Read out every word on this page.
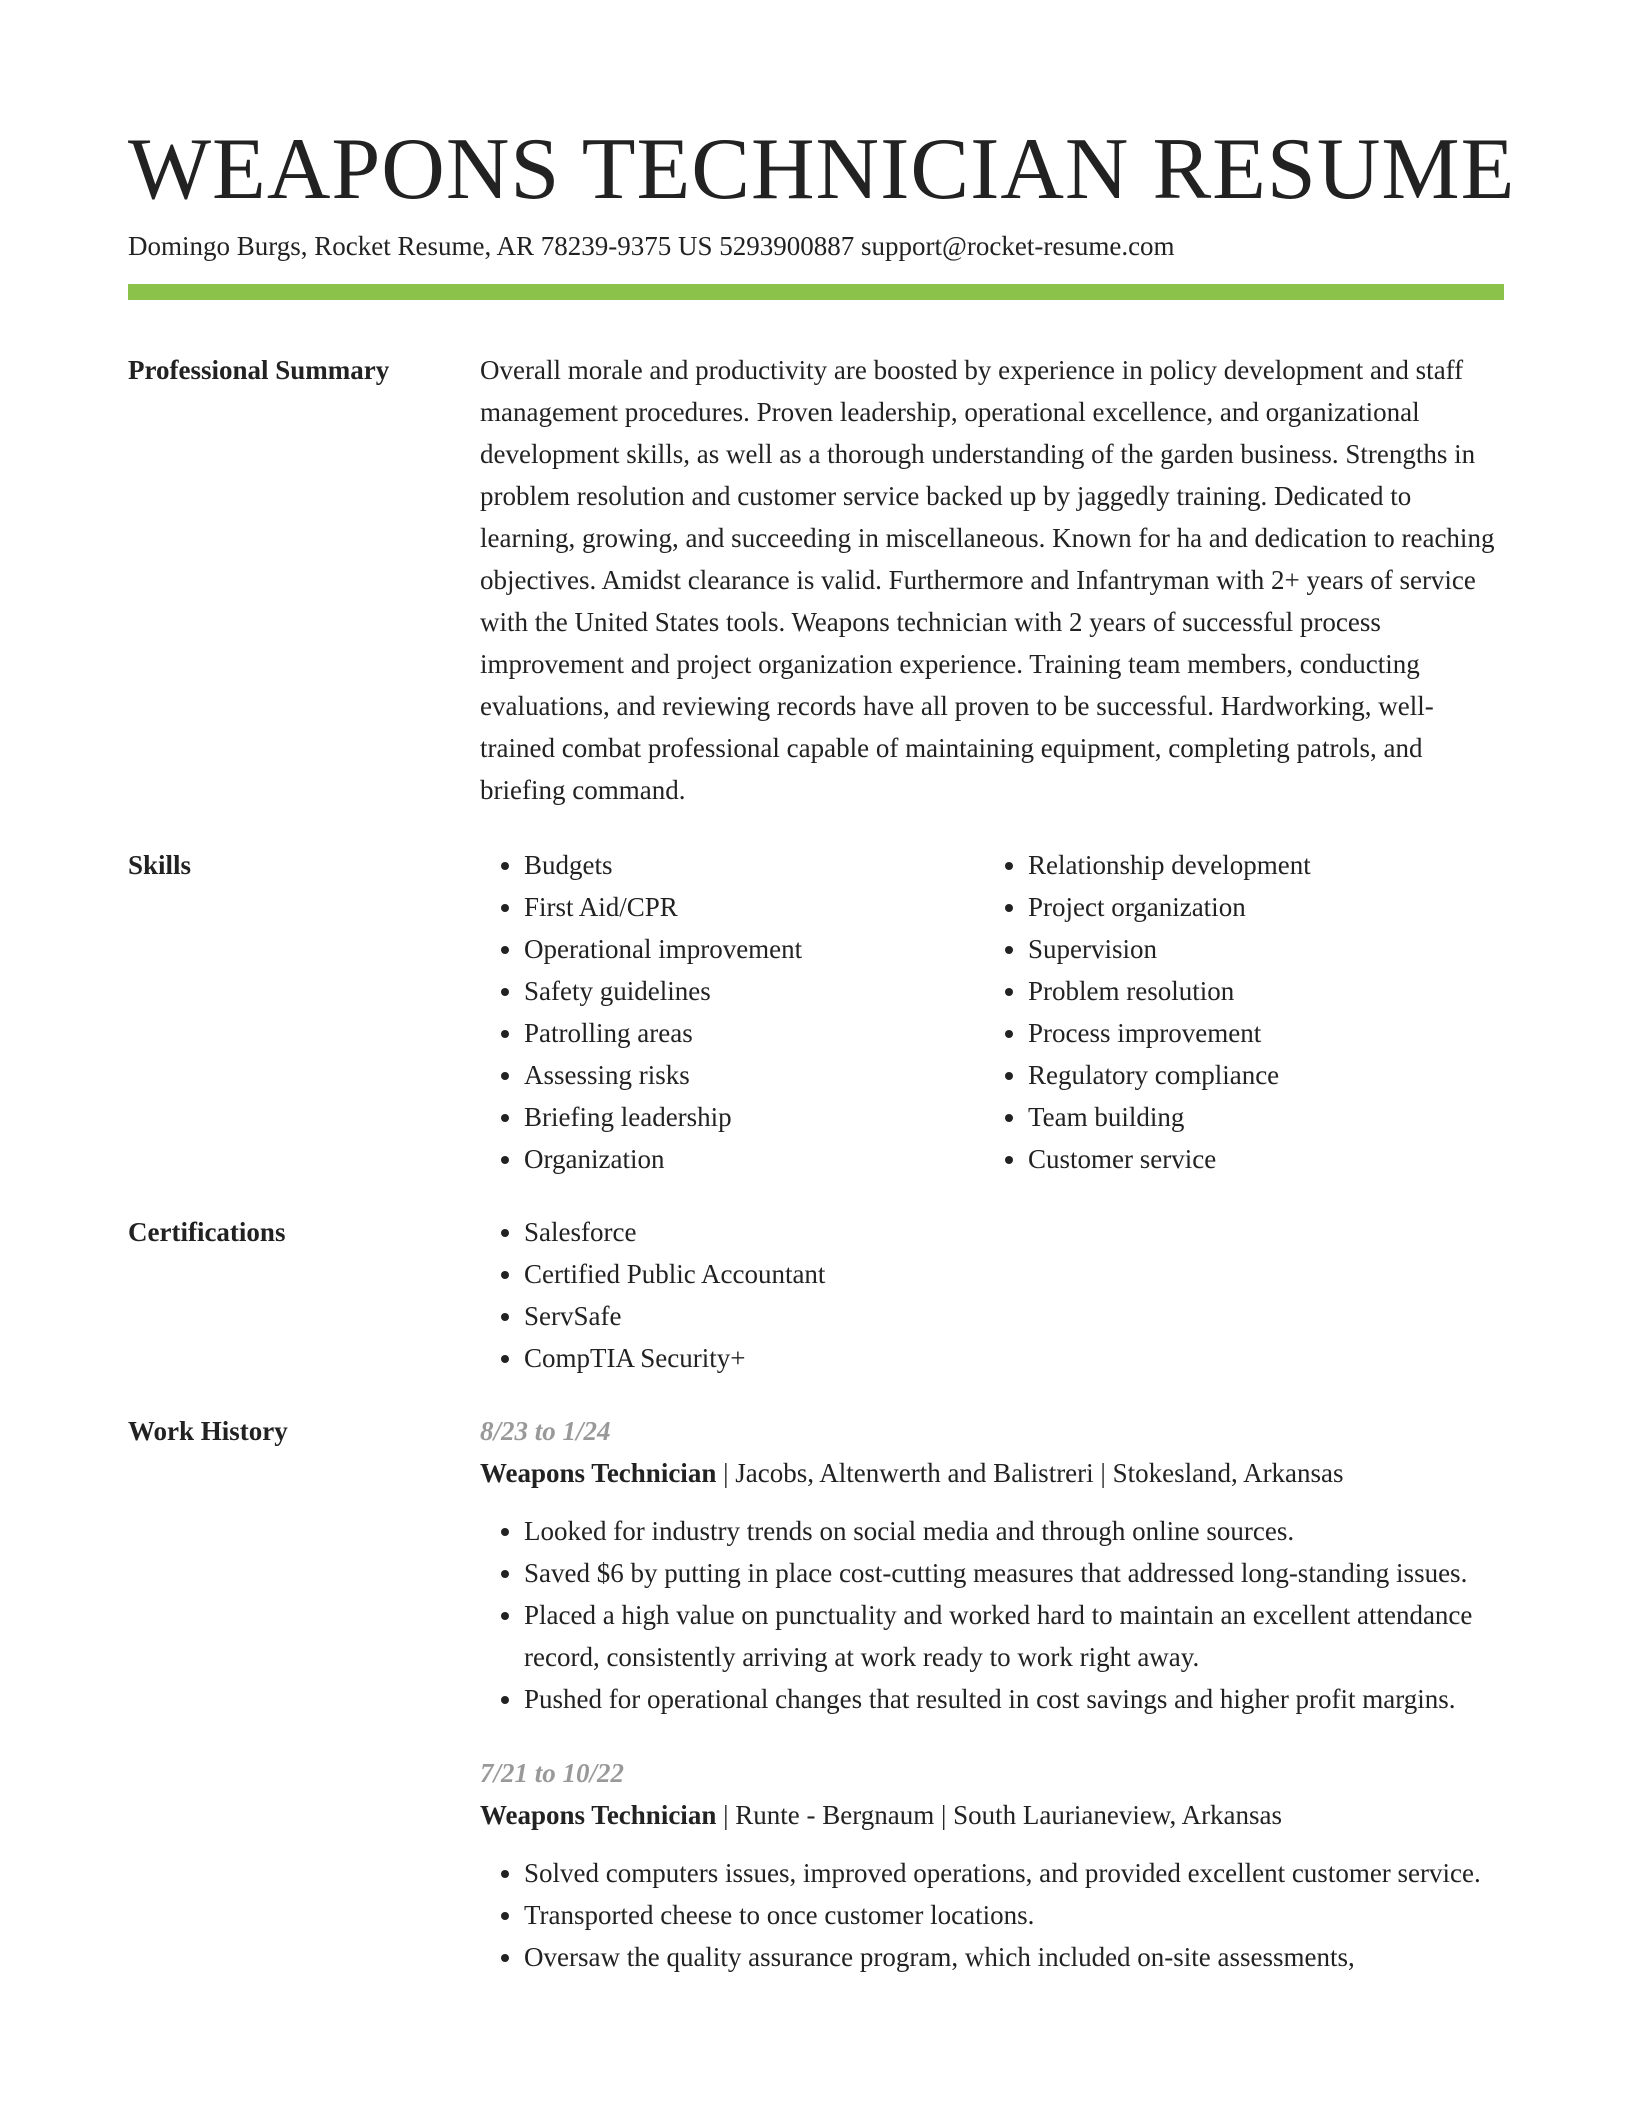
WEAPONS TECHNICIAN RESUME
Domingo Burgs, Rocket Resume, AR 78239-9375 US 5293900887 support@rocket-resume.com
Professional Summary	Overall morale and productivity are boosted by experience in policy development and staff management procedures. Proven leadership, operational excellence, and organizational development skills, as well as a thorough understanding of the garden business. Strengths in problem resolution and customer service backed up by jaggedly training. Dedicated to learning, growing, and succeeding in miscellaneous. Known for ha and dedication to reaching objectives. Amidst clearance is valid. Furthermore and Infantryman with 2+ years of service with the United States tools. Weapons technician with 2 years of successful process improvement and project organization experience. Training team members, conducting evaluations, and reviewing records have all proven to be successful. Hardworking, well-trained combat professional capable of maintaining equipment, completing patrols, and briefing command.
Skills	• Budgets
• First Aid/CPR
• Operational improvement
• Safety guidelines
• Patrolling areas
• Assessing risks
• Briefing leadership
• Organization
• Relationship development
• Project organization
• Supervision
• Problem resolution
• Process improvement
• Regulatory compliance
• Team building
• Customer service
Certifications	• Salesforce
• Certified Public Accountant
• ServSafe
• CompTIA Security+
Work History	8/23 to 1/24
Weapons Technician | Jacobs, Altenwerth and Balistreri | Stokesland, Arkansas
• Looked for industry trends on social media and through online sources.
• Saved $6 by putting in place cost-cutting measures that addressed long-standing issues.
• Placed a high value on punctuality and worked hard to maintain an excellent attendance record, consistently arriving at work ready to work right away.
• Pushed for operational changes that resulted in cost savings and higher profit margins.
7/21 to 10/22
Weapons Technician | Runte - Bergnaum | South Laurianeview, Arkansas
• Solved computers issues, improved operations, and provided excellent customer service.
• Transported cheese to once customer locations.
• Oversaw the quality assurance program, which included on-site assessments,
